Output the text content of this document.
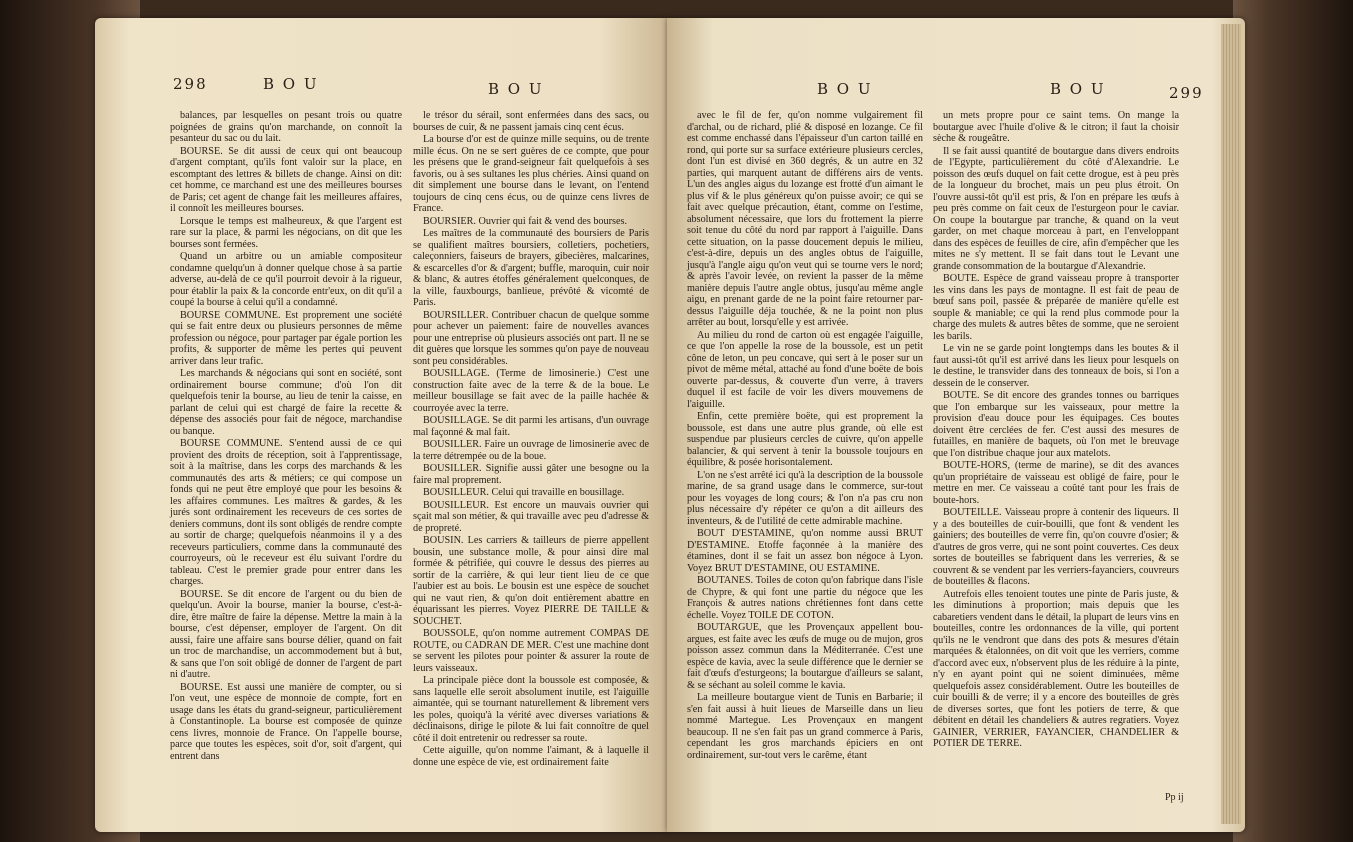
298	B O U	B O U

balances, par lesquelles on pesant trois ou quatre poignées de grains qu'on marchande, on connoît la pesanteur du sac ou du lait.

BOURSE. Se dit aussi de ceux qui ont beaucoup d'argent comptant, qu'ils font valoir sur la place, en escomptant des lettres & billets de change. Ainsi on dit: cet homme, ce marchand est une des meilleures bourses de Paris; cet agent de change fait les meilleures affaires, il connoît les meilleures bourses.

Lorsque le temps est malheureux, & que l'argent est rare sur la place, & parmi les négocians, on dit que les bourses sont fermées.

Quand un arbitre ou un amiable compositeur condamne quelqu'un à donner quelque chose à sa partie adverse, au-delà de ce qu'il pourroit devoir à la rigueur, pour établir la paix & la concorde entr'eux, on dit qu'il a coupé la bourse à celui qu'il a condamné.

BOURSE COMMUNE. Est proprement une société qui se fait entre deux ou plusieurs personnes de même profession ou négoce, pour partager par égale portion les profits, & supporter de même les pertes qui peuvent arriver dans leur trafic.

Les marchands & négocians qui sont en société, sont ordinairement bourse commune; d'où l'on dit quelquefois tenir la bourse, au lieu de tenir la caisse, en parlant de celui qui est chargé de faire la recette & dépense des associés pour fait de négoce, marchandise ou banque.

BOURSE COMMUNE. S'entend aussi de ce qui provient des droits de réception, soit à l'apprentissage, soit à la maîtrise, dans les corps des marchands & les communautés des arts & métiers; ce qui compose un fonds qui ne peut être employé que pour les besoins & les affaires communes. Les maîtres & gardes, & les jurés sont ordinairement les receveurs de ces sortes de deniers communs, dont ils sont obligés de rendre compte au sortir de charge; quelquefois néanmoins il y a des receveurs particuliers, comme dans la communauté des courroyeurs, où le receveur est élu suivant l'ordre du tableau. C'est le premier grade pour entrer dans les charges.

BOURSE. Se dit encore de l'argent ou du bien de quelqu'un. Avoir la bourse, manier la bourse, c'est-à-dire, être maître de faire la dépense. Mettre la main à la bourse, c'est dépenser, employer de l'argent. On dit aussi, faire une affaire sans bourse délier, quand on fait un troc de marchandise, un accommodement but à but, & sans que l'on soit obligé de donner de l'argent de part ni d'autre.

BOURSE. Est aussi une manière de compter, ou si l'on veut, une espèce de monnoie de compte, fort en usage dans les états du grand-seigneur, particulièrement à Constantinople. La bourse est composée de quinze cens livres, monnoie de France. On l'appelle bourse, parce que toutes les espèces, soit d'or, soit d'argent, qui entrent dans

le trésor du sérail, sont enfermées dans des sacs, ou bourses de cuir, & ne passent jamais cinq cent écus.

La bourse d'or est de quinze mille sequins, ou de trente mille écus. On ne se sert guères de ce compte, que pour les présens que le grand-seigneur fait quelquefois à ses favoris, ou à ses sultanes les plus chéries. Ainsi quand on dit simplement une bourse dans le levant, on l'entend toujours de cinq cens écus, ou de quinze cens livres de France.

BOURSIER. Ouvrier qui fait & vend des bourses.

Les maîtres de la communauté des boursiers de Paris se qualifient maîtres boursiers, colletiers, pochetiers, caleçonniers, faiseurs de brayers, gibecières, malcarines, & escarcelles d'or & d'argent; buffle, maroquin, cuir noir & blanc, & autres étoffes généralement quelconques, de la ville, fauxbourgs, banlieue, prévôté & vicomté de Paris.

BOURSILLER. Contribuer chacun de quelque somme pour achever un paiement: faire de nouvelles avances pour une entreprise où plusieurs associés ont part. Il ne se dit guères que lorsque les sommes qu'on paye de nouveau sont peu considérables.

BOUSILLAGE. (Terme de limosinerie.) C'est une construction faite avec de la terre & de la boue. Le meilleur bousillage se fait avec de la paille hachée & courroyée avec la terre.

BOUSILLAGE. Se dit parmi les artisans, d'un ouvrage mal façonné & mal fait.

BOUSILLER. Faire un ouvrage de limosinerie avec de la terre détrempée ou de la boue.

BOUSILLER. Signifie aussi gâter une besogne ou la faire mal proprement.

BOUSILLEUR. Celui qui travaille en bousillage.

BOUSILLEUR. Est encore un mauvais ouvrier qui sçait mal son métier, & qui travaille avec peu d'adresse & de propreté.

BOUSIN. Les carriers & tailleurs de pierre appellent bousin, une substance molle, & pour ainsi dire mal formée & pétrifiée, qui couvre le dessus des pierres au sortir de la carrière, & qui leur tient lieu de ce que l'aubier est au bois. Le bousin est une espèce de souchet qui ne vaut rien, & qu'on doit entièrement abattre en équarissant les pierres. Voyez PIERRE DE TAILLE & SOUCHET.

BOUSSOLE, qu'on nomme autrement COMPAS DE ROUTE, ou CADRAN DE MER. C'est une machine dont se servent les pilotes pour pointer & assurer la route de leurs vaisseaux.

La principale pièce dont la boussole est composée, & sans laquelle elle seroit absolument inutile, est l'aiguille aimantée, qui se tournant naturellement & librement vers les poles, quoiqu'à la vérité avec diverses variations & déclinaisons, dirige le pilote & lui fait connoître de quel côté il doit entretenir ou redresser sa route.

Cette aiguille, qu'on nomme l'aimant, & à laquelle il donne une espèce de vie, est ordinairement faite

B O U	B O U	299

avec le fil de fer, qu'on nomme vulgairement fil d'archal, ou de richard, plié & disposé en lozange. Ce fil est comme enchassé dans l'épaisseur d'un carton taillé en rond, qui porte sur sa surface extérieure plusieurs cercles, dont l'un est divisé en 360 degrés, & un autre en 32 parties, qui marquent autant de différens airs de vents. L'un des angles aigus du lozange est frotté d'un aimant le plus vif & le plus généreux qu'on puisse avoir; ce qui se fait avec quelque précaution, étant, comme on l'estime, absolument nécessaire, que lors du frottement la pierre soit tenue du côté du nord par rapport à l'aiguille. Dans cette situation, on la passe doucement depuis le milieu, c'est-à-dire, depuis un des angles obtus de l'aiguille, jusqu'à l'angle aigu qu'on veut qui se tourne vers le nord; & après l'avoir levée, on revient la passer de la même manière depuis l'autre angle obtus, jusqu'au même angle aigu, en prenant garde de ne la point faire retourner par-dessus l'aiguille déja touchée, & ne la point non plus arrêter au bout, lorsqu'elle y est arrivée.

Au milieu du rond de carton où est engagée l'aiguille, ce que l'on appelle la rose de la boussole, est un petit cône de leton, un peu concave, qui sert à le poser sur un pivot de même métal, attaché au fond d'une boëte de bois ouverte par-dessus, & couverte d'un verre, à travers duquel il est facile de voir les divers mouvemens de l'aiguille.

Enfin, cette première boëte, qui est proprement la boussole, est dans une autre plus grande, où elle est suspendue par plusieurs cercles de cuivre, qu'on appelle balancier, & qui servent à tenir la boussole toujours en équilibre, & posée horisontalement.

L'on ne s'est arrêté ici qu'à la description de la boussole marine, de sa grand usage dans le commerce, sur-tout pour les voyages de long cours; & l'on n'a pas cru non plus nécessaire d'y répéter ce qu'on a dit ailleurs des inventeurs, & de l'utilité de cette admirable machine.

BOUT D'ESTAMINE, qu'on nomme aussi BRUT D'ESTAMINE. Etoffe façonnée à la manière des étamines, dont il se fait un assez bon négoce à Lyon. Voyez BRUT D'ESTAMINE, OU ESTAMINE.

BOUTANES. Toiles de coton qu'on fabrique dans l'isle de Chypre, & qui font une partie du négoce que les François & autres nations chrétiennes font dans cette échelle. Voyez TOILE DE COTON.

BOUTARGUE, que les Provençaux appellent bou-argues, est faite avec les œufs de muge ou de mujon, gros poisson assez commun dans la Méditerranée. C'est une espèce de kavia, avec la seule différence que le dernier se fait d'œufs d'esturgeons; la boutargue d'ailleurs se salant, & se séchant au soleil comme le kavia.

La meilleure boutargue vient de Tunis en Barbarie; il s'en fait aussi à huit lieues de Marseille dans un lieu nommé Martegue. Les Provençaux en mangent beaucoup. Il ne s'en fait pas un grand commerce à Paris, cependant les gros marchands épiciers en ont ordinairement, sur-tout vers le carême, étant

un mets propre pour ce saint tems. On mange la boutargue avec l'huile d'olive & le citron; il faut la choisir sèche & rougeâtre.

Il se fait aussi quantité de boutargue dans divers endroits de l'Egypte, particulièrement du côté d'Alexandrie. Le poisson des œufs duquel on fait cette drogue, est à peu près de la longueur du brochet, mais un peu plus étroit. On l'ouvre aussi-tôt qu'il est pris, & l'on en prépare les œufs à peu près comme on fait ceux de l'esturgeon pour le caviar. On coupe la boutargue par tranche, & quand on la veut garder, on met chaque morceau à part, en l'enveloppant dans des espèces de feuilles de cire, afin d'empêcher que les mites ne s'y mettent. Il se fait dans tout le Levant une grande consommation de la boutargue d'Alexandrie.

BOUTE. Espèce de grand vaisseau propre à transporter les vins dans les pays de montagne. Il est fait de peau de bœuf sans poil, passée & préparée de manière qu'elle est souple & maniable; ce qui la rend plus commode pour la charge des mulets & autres bêtes de somme, que ne seroient les barils.

Le vin ne se garde point longtemps dans les boutes & il faut aussi-tôt qu'il est arrivé dans les lieux pour lesquels on le destine, le transvider dans des tonneaux de bois, si l'on a dessein de le conserver.

BOUTE. Se dit encore des grandes tonnes ou barriques que l'on embarque sur les vaisseaux, pour mettre la provision d'eau douce pour les équipages. Ces boutes doivent être cerclées de fer. C'est aussi des mesures de futailles, en manière de baquets, où l'on met le breuvage que l'on distribue chaque jour aux matelots.

BOUTE-HORS, (terme de marine), se dit des avances qu'un propriétaire de vaisseau est obligé de faire, pour le mettre en mer. Ce vaisseau a coûté tant pour les frais de boute-hors.

BOUTEILLE. Vaisseau propre à contenir des liqueurs. Il y a des bouteilles de cuir-bouilli, que font & vendent les gainiers; des bouteilles de verre fin, qu'on couvre d'osier; & d'autres de gros verre, qui ne sont point couvertes. Ces deux sortes de bouteilles se fabriquent dans les verreries, & se couvrent & se vendent par les verriers-fayanciers, couvreurs de bouteilles & flacons.

Autrefois elles tenoient toutes une pinte de Paris juste, & les diminutions à proportion; mais depuis que les cabaretiers vendent dans le détail, la plupart de leurs vins en bouteilles, contre les ordonnances de la ville, qui portent qu'ils ne le vendront que dans des pots & mesures d'étain marquées & étalonnées, on dit voit que les verriers, comme d'accord avec eux, n'observent plus de les réduire à la pinte, n'y en ayant point qui ne soient diminuées, même quelquefois assez considérablement. Outre les bouteilles de cuir bouilli & de verre; il y a encore des bouteilles de grès de diverses sortes, que font les potiers de terre, & que débitent en détail les chandeliers & autres regratiers. Voyez GAINIER, VERRIER, FAYANCIER, CHANDELIER & POTIER DE TERRE.

Pp ij
